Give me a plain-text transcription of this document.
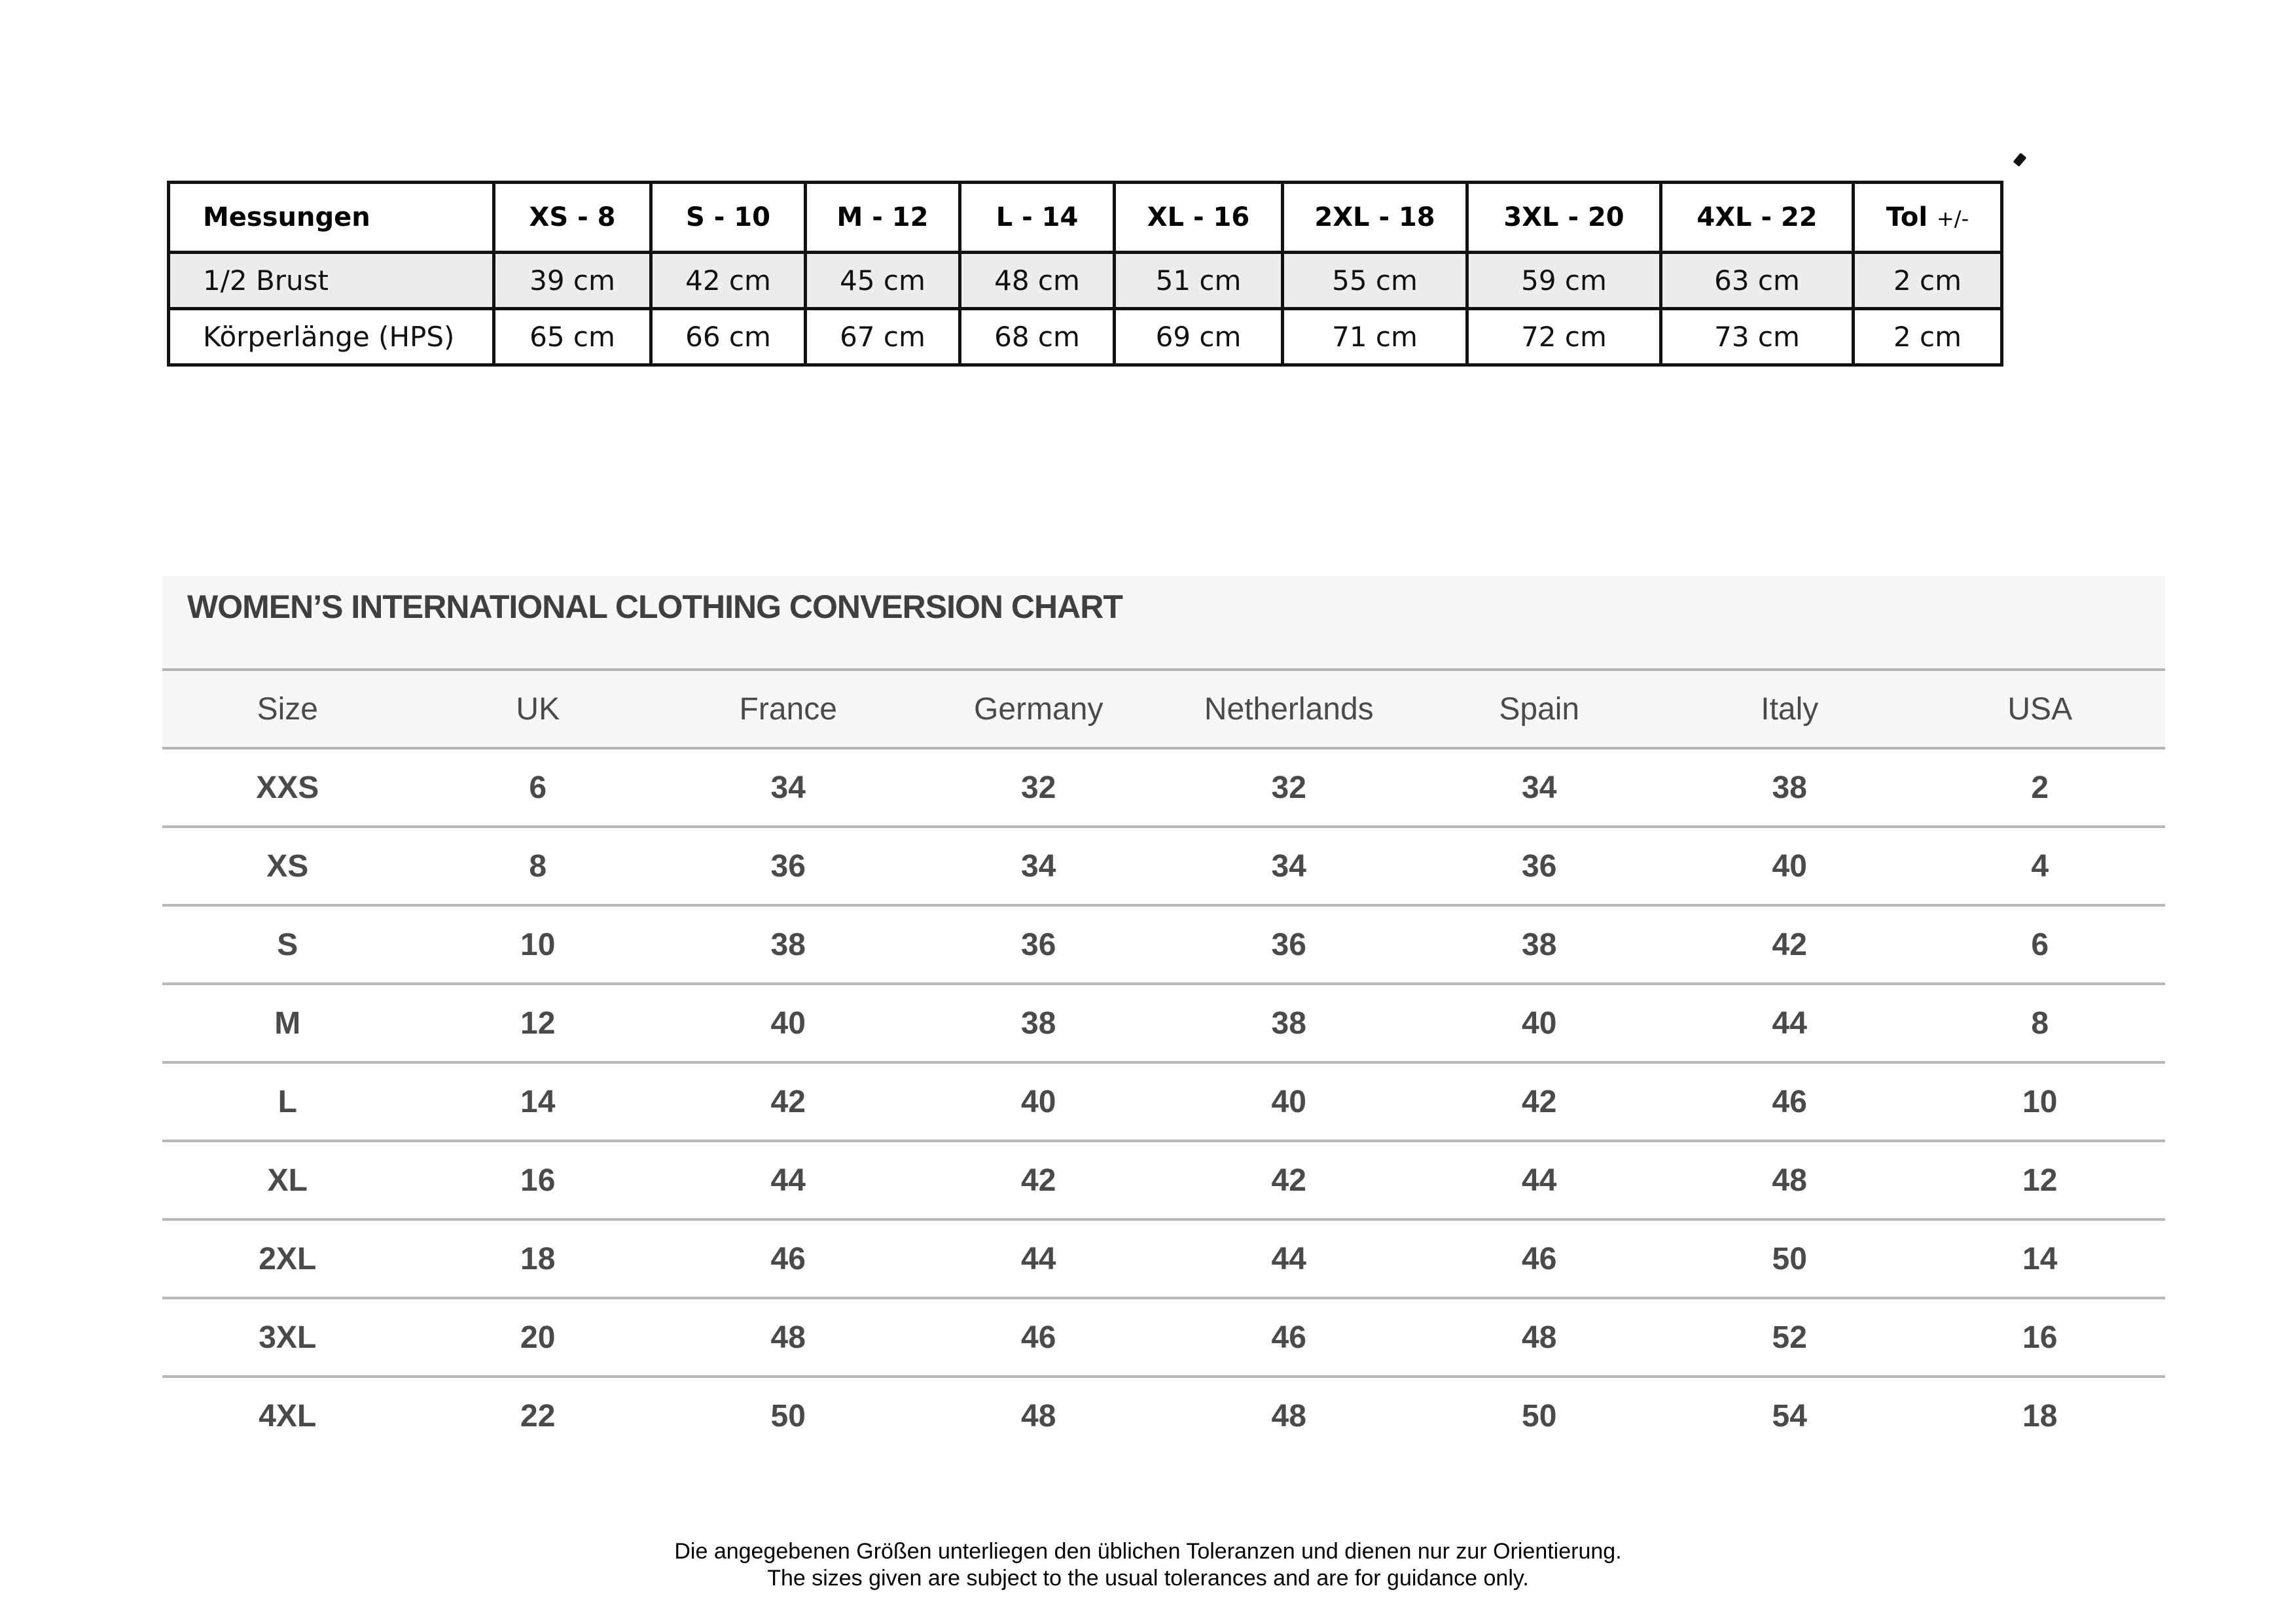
Messungen	XS - 8	S - 10	M - 12	L - 14	XL - 16	2XL - 18	3XL - 20	4XL - 22	Tol +/-
1/2 Brust	39 cm	42 cm	45 cm	48 cm	51 cm	55 cm	59 cm	63 cm	2 cm
Körperlänge (HPS)	65 cm	66 cm	67 cm	68 cm	69 cm	71 cm	72 cm	73 cm	2 cm
WOMEN’S INTERNATIONAL CLOTHING CONVERSION CHART
Size	UK	France	Germany	Netherlands	Spain	Italy	USA
XXS	6	34	32	32	34	38	2
XS	8	36	34	34	36	40	4
S	10	38	36	36	38	42	6
M	12	40	38	38	40	44	8
L	14	42	40	40	42	46	10
XL	16	44	42	42	44	48	12
2XL	18	46	44	44	46	50	14
3XL	20	48	46	46	48	52	16
4XL	22	50	48	48	50	54	18
Die angegebenen Größen unterliegen den üblichen Toleranzen und dienen nur zur Orientierung.
The sizes given are subject to the usual tolerances and are for guidance only.
